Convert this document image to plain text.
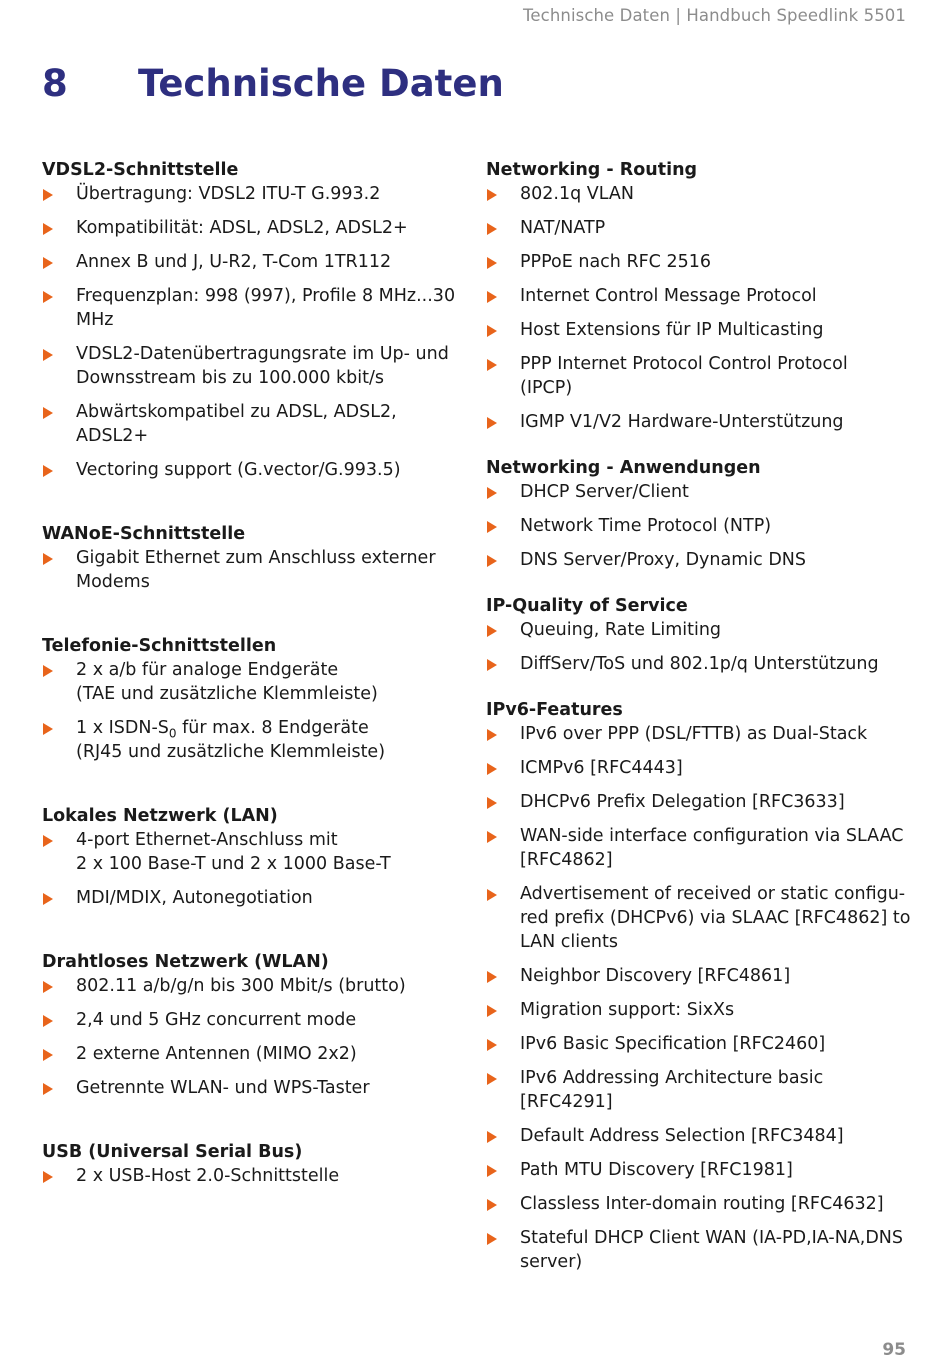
Technische Daten | Handbuch Speedlink 5501
8 Technische Daten
VDSL2-Schnittstelle
Übertragung: VDSL2 ITU-T G.993.2
Kompatibilität: ADSL, ADSL2, ADSL2+
Annex B und J, U-R2, T-Com 1TR112
Frequenzplan: 998 (997), Profile 8 MHz...30
MHz
VDSL2-Datenübertragungsrate im Up- und
Downsstream bis zu 100.000 kbit/s
Abwärtskompatibel zu ADSL, ADSL2,
ADSL2+
Vectoring support (G.vector/G.993.5)
WANoE-Schnittstelle
Gigabit Ethernet zum Anschluss externer
Modems
Telefonie-Schnittstellen
2 x a/b für analoge Endgeräte
(TAE und zusätzliche Klemmleiste)
1 x ISDN-$S_0$ für max. 8 Endgeräte
(RJ45 und zusätzliche Klemmleiste)
Lokales Netzwerk (LAN)
4-port Ethernet-Anschluss mit
2 x 100 Base-T und 2 x 1000 Base-T
MDI/MDIX, Autonegotiation
Drahtloses Netzwerk (WLAN)
802.11 a/b/g/n bis 300 Mbit/s (brutto)
2,4 und 5 GHz concurrent mode
2 externe Antennen (MIMO 2x2)
Getrennte WLAN- und WPS-Taster
USB (Universal Serial Bus)
2 x USB-Host 2.0-Schnittstelle
Networking - Routing
802.1q VLAN
NAT/NATP
PPPoE nach RFC 2516
Internet Control Message Protocol
Host Extensions für IP Multicasting
PPP Internet Protocol Control Protocol
(IPCP)
IGMP V1/V2 Hardware-Unterstützung
Networking - Anwendungen
DHCP Server/Client
Network Time Protocol (NTP)
DNS Server/Proxy, Dynamic DNS
IP-Quality of Service
Queuing, Rate Limiting
DiffServ/ToS und 802.1p/q Unterstützung
IPv6-Features
IPv6 over PPP (DSL/FTTB) as Dual-Stack
ICMPv6 [RFC4443]
DHCPv6 Prefix Delegation [RFC3633]
WAN-side interface configuration via SLAAC
[RFC4862]
Advertisement of received or static configu-
red prefix (DHCPv6) via SLAAC [RFC4862] to
LAN clients
Neighbor Discovery [RFC4861]
Migration support: SixXs
IPv6 Basic Specification [RFC2460]
IPv6 Addressing Architecture basic
[RFC4291]
Default Address Selection [RFC3484]
Path MTU Discovery [RFC1981]
Classless Inter-domain routing [RFC4632]
Stateful DHCP Client WAN (IA-PD,IA-NA,DNS
server)
95
